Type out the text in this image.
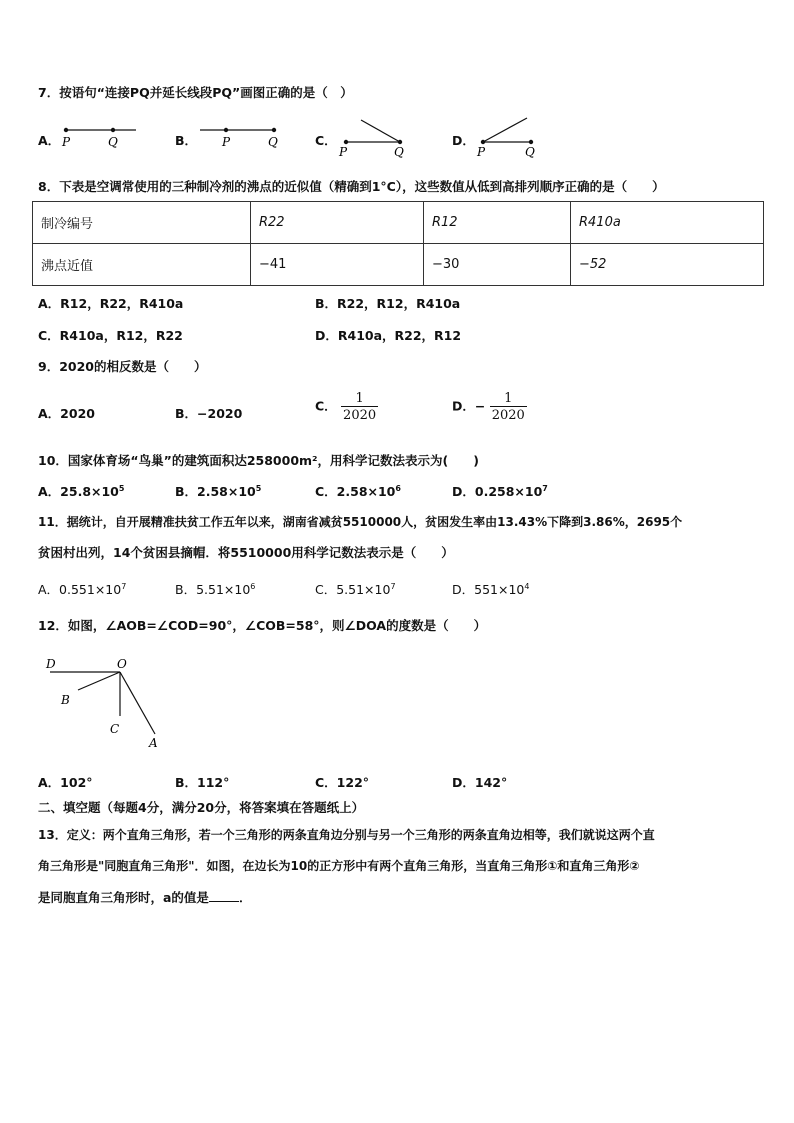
7．按语句“连接PQ并延长线段PQ”画图正确的是（　）
A． P	Q	B． P	Q	C．
P	Q
D．
P	Q
8．下表是空调常使用的三种制冷剂的沸点的近似值（精确到1°C），这些数值从低到高排列顺序正确的是（　　）
制冷编号	R22	R12	R410a
沸点近值	−41	−30	−52
A．R12，R22，R410a	B．R22，R12，R410a
C．R410a，R12，R22	D．R410a，R22，R12
9．2020的相反数是（　　）
A．2020	B．−2020	C． $\frac{1}{2020}$	D．− $\frac{1}{2020}$
10．国家体育场“鸟巢”的建筑面积达258000m²，用科学记数法表示为(　　)
A．$25.8\times 10^5$	B．$2.58\times 10^5$	C．$2.58\times 10^6$	D．$0.258\times 10^7$
11．据统计，自开展精准扶贫工作五年以来，湖南省减贫5510000人，贫困发生率由13.43%下降到3.86%，2695个
贫困村出列，14个贫困县摘帽．将5510000用科学记数法表示是（　　）
A．$0.551\times 10^7$	B．$5.51\times 10^6$	C．$5.51\times 10^7$	D．$551\times 10^4$
12．如图，∠AOB=∠COD=90°，∠COB=58°，则∠DOA的度数是（　　）
D	O
B
C
A
A．102°	B．112°	C．122°	D．142°
二、填空题（每题4分，满分20分，将答案填在答题纸上）
13．定义：两个直角三角形，若一个三角形的两条直角边分别与另一个三角形的两条直角边相等，我们就说这两个直
角三角形是"同胞直角三角形"．如图，在边长为10的正方形中有两个直角三角形，当直角三角形①和直角三角形②
是同胞直角三角形时，a的值是 ．
